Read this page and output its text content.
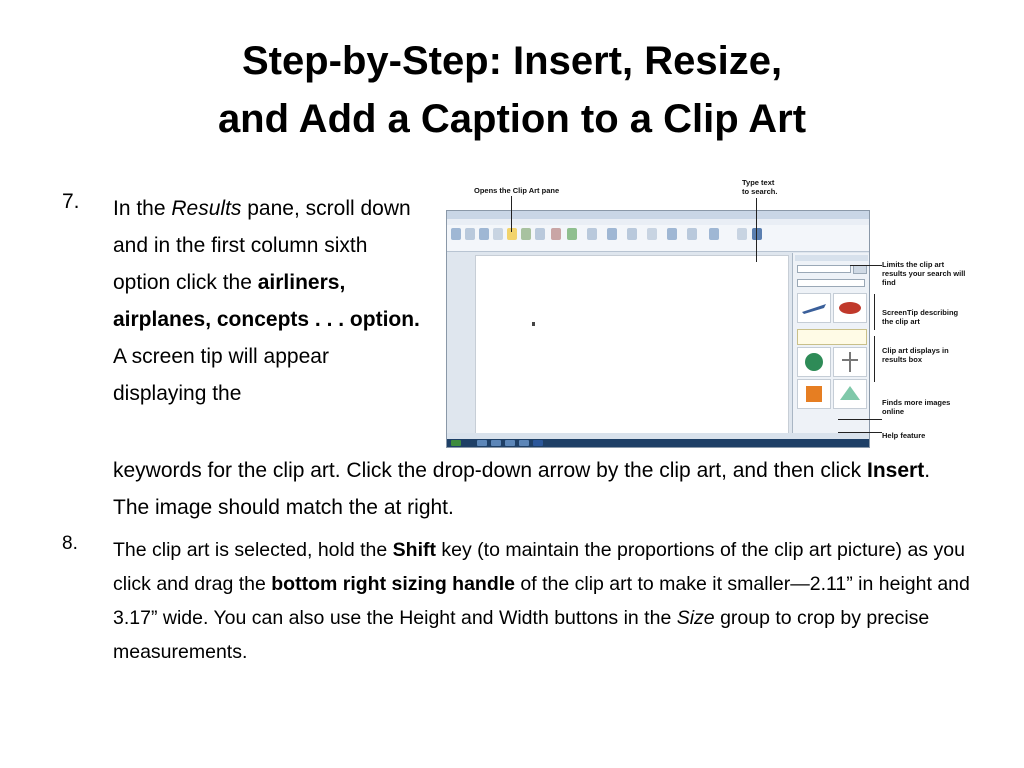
Step-by-Step: Insert, Resize,
and Add a Caption to a Clip Art
7. In the Results pane, scroll down and in the first column sixth option click the airliners, airplanes, concepts . . . option. A screen tip will appear displaying the
keywords for the clip art. Click the drop-down arrow by the clip art, and then click Insert. The image should match the at right.
8. The clip art is selected, hold the Shift key (to maintain the proportions of the clip art picture) as you click and drag the bottom right sizing handle of the clip art to make it smaller—2.11” in height and 3.17” wide. You can also use the Height and Width buttons in the Size group to crop by precise measurements.
Opens the Clip Art pane
Type text to search.
Limits the clip art results your search will find
ScreenTip describing the clip art
Clip art displays in results box
Finds more images online
Help feature
